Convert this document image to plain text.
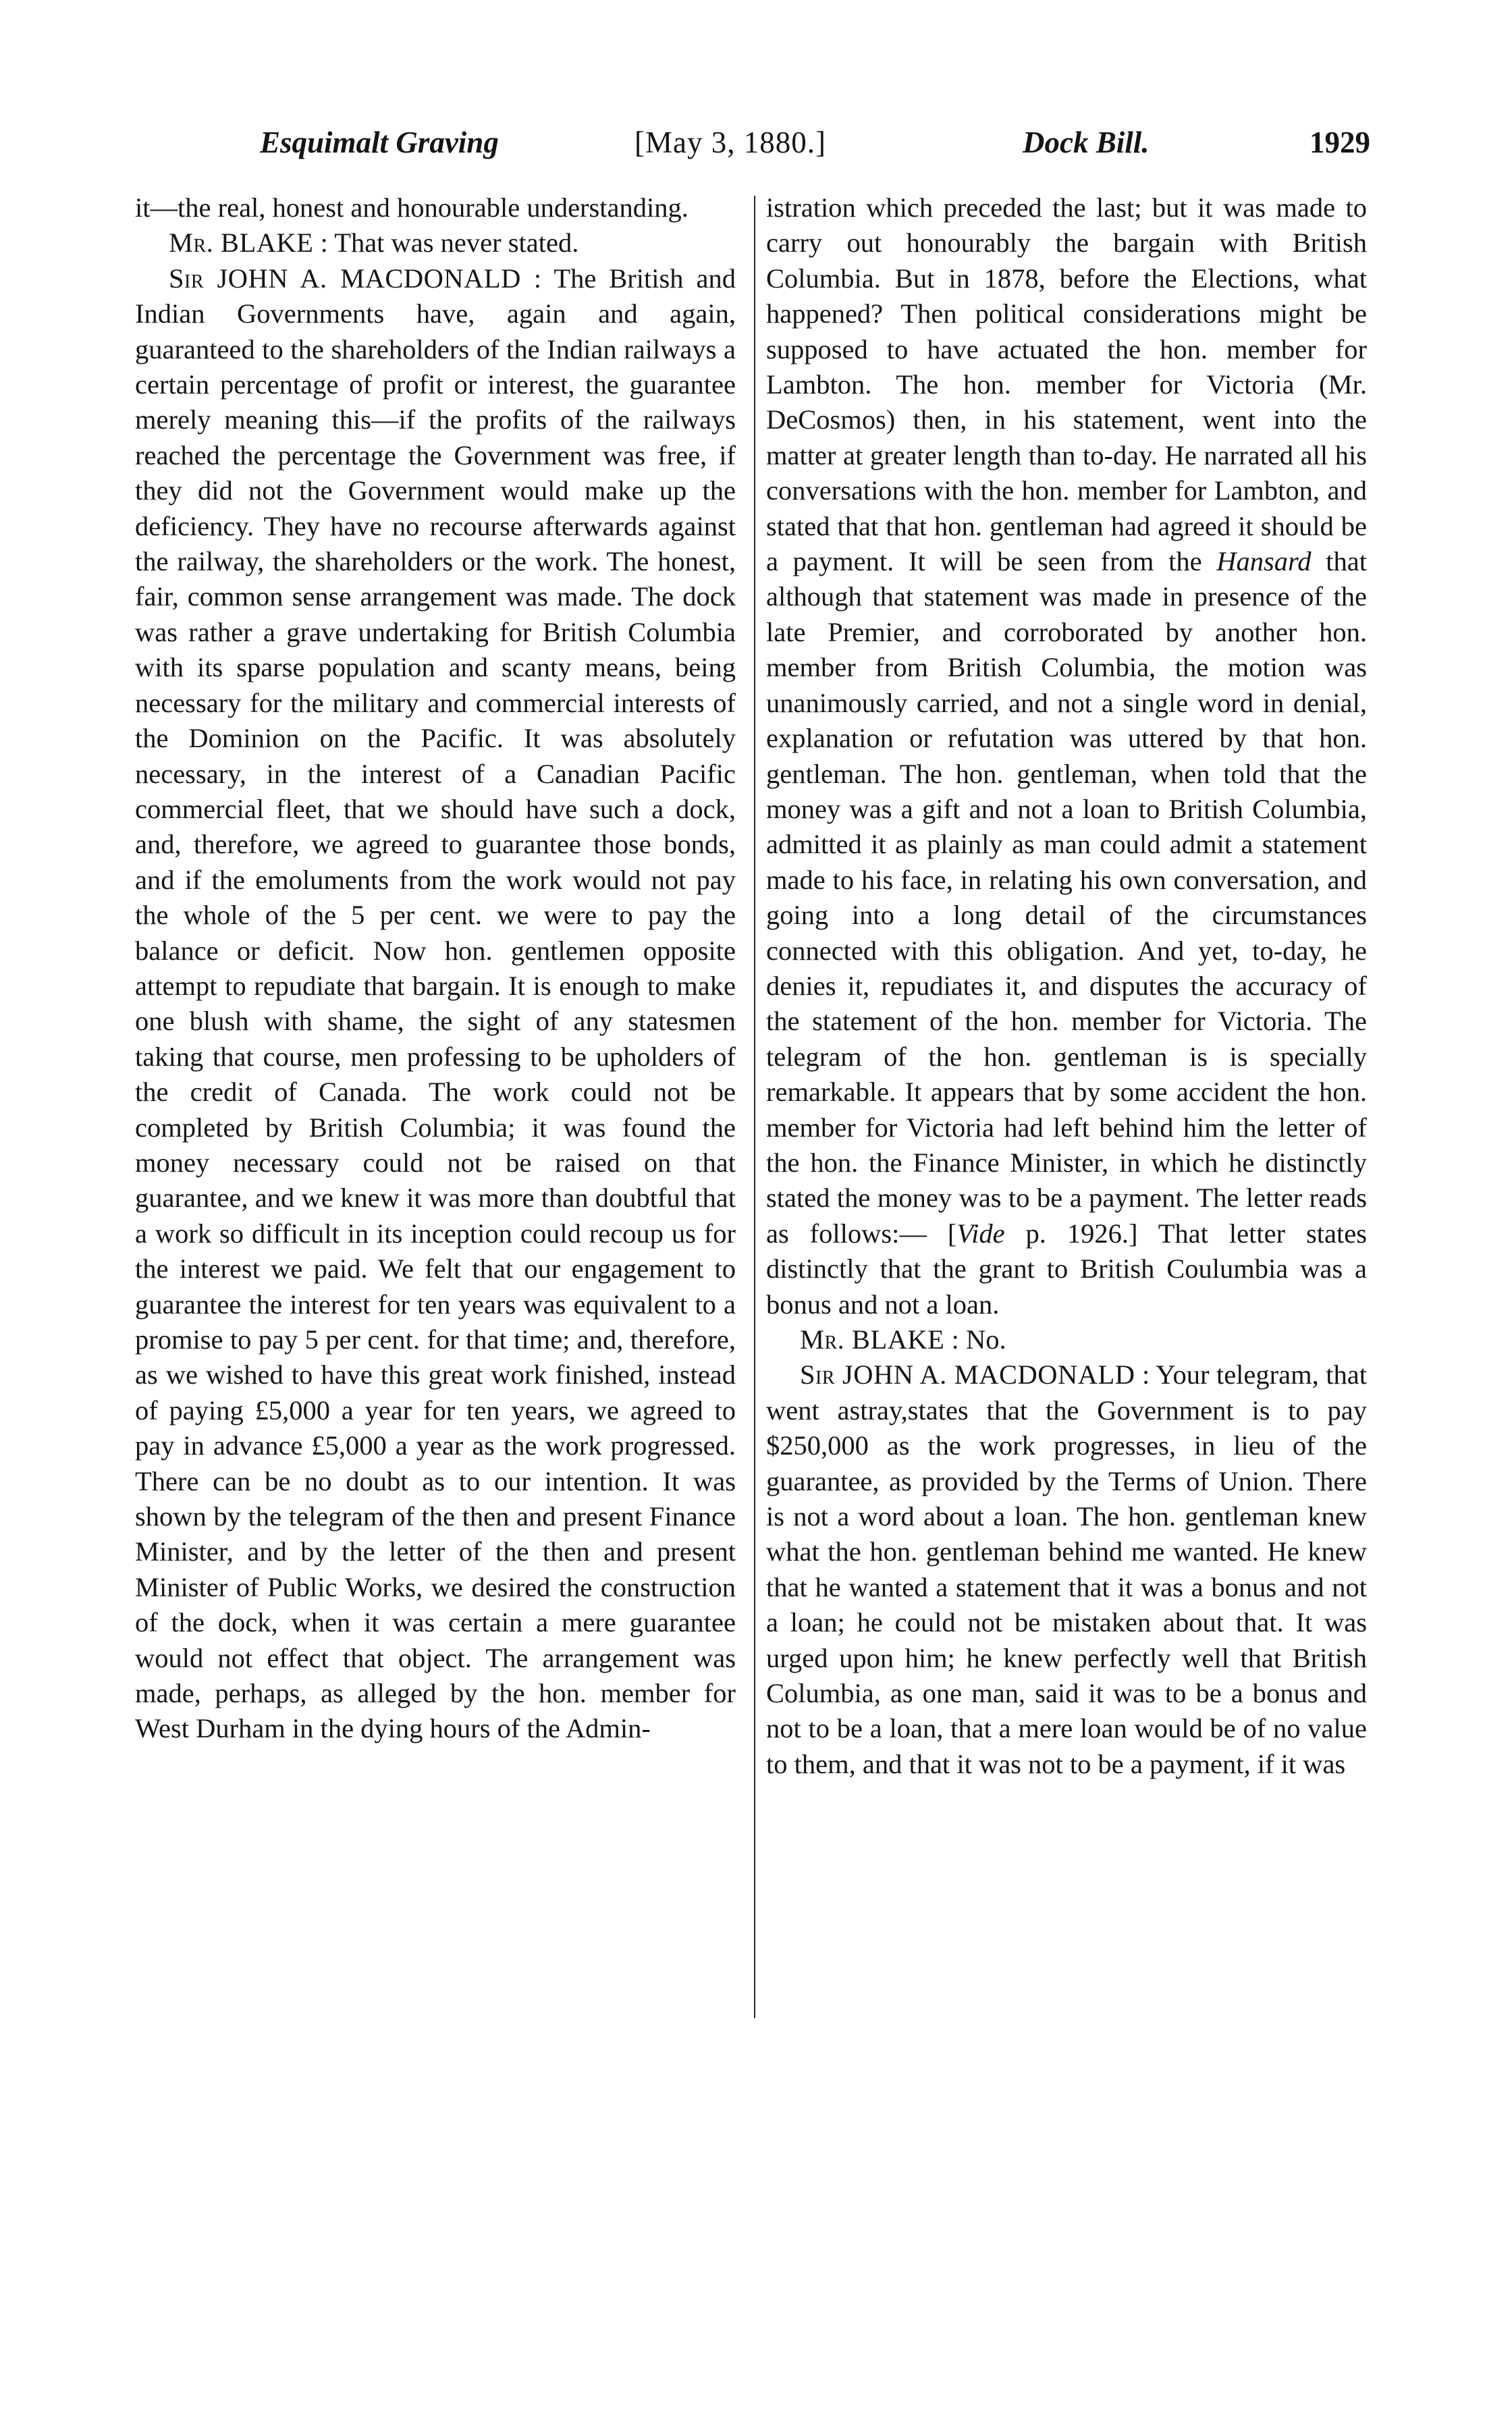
Esquimalt Graving	[May 3, 1880.]	Dock Bill.	1929

it—the real, honest and honourable understanding.

Mr. BLAKE : That was never stated.

Sir JOHN A. MACDONALD : The British and Indian Governments have, again and again, guaranteed to the shareholders of the Indian railways a certain percentage of profit or interest, the guarantee merely meaning this—if the profits of the railways reached the percentage the Government was free, if they did not the Government would make up the deficiency. They have no recourse afterwards against the railway, the shareholders or the work. The honest, fair, common sense arrangement was made. The dock was rather a grave undertaking for British Columbia with its sparse population and scanty means, being necessary for the military and commercial interests of the Dominion on the Pacific. It was absolutely necessary, in the interest of a Canadian Pacific commercial fleet, that we should have such a dock, and, therefore, we agreed to guarantee those bonds, and if the emoluments from the work would not pay the whole of the 5 per cent. we were to pay the balance or deficit. Now hon. gentlemen opposite attempt to repudiate that bargain. It is enough to make one blush with shame, the sight of any statesmen taking that course, men professing to be upholders of the credit of Canada. The work could not be completed by British Columbia; it was found the money necessary could not be raised on that guarantee, and we knew it was more than doubtful that a work so difficult in its inception could recoup us for the interest we paid. We felt that our engagement to guarantee the interest for ten years was equivalent to a promise to pay 5 per cent. for that time; and, therefore, as we wished to have this great work finished, instead of paying £5,000 a year for ten years, we agreed to pay in advance £5,000 a year as the work progressed. There can be no doubt as to our intention. It was shown by the telegram of the then and present Finance Minister, and by the letter of the then and present Minister of Public Works, we desired the construction of the dock, when it was certain a mere guarantee would not effect that object. The arrangement was made, perhaps, as alleged by the hon. member for West Durham in the dying hours of the Admin-

istration which preceded the last; but it was made to carry out honourably the bargain with British Columbia. But in 1878, before the Elections, what happened? Then political considerations might be supposed to have actuated the hon. member for Lambton. The hon. member for Victoria (Mr. DeCosmos) then, in his statement, went into the matter at greater length than to-day. He narrated all his conversations with the hon. member for Lambton, and stated that that hon. gentleman had agreed it should be a payment. It will be seen from the Hansard that although that statement was made in presence of the late Premier, and corroborated by another hon. member from British Columbia, the motion was unanimously carried, and not a single word in denial, explanation or refutation was uttered by that hon. gentleman. The hon. gentleman, when told that the money was a gift and not a loan to British Columbia, admitted it as plainly as man could admit a statement made to his face, in relating his own conversation, and going into a long detail of the circumstances connected with this obligation. And yet, to-day, he denies it, repudiates it, and disputes the accuracy of the statement of the hon. member for Victoria. The telegram of the hon. gentleman is is specially remarkable. It appears that by some accident the hon. member for Victoria had left behind him the letter of the hon. the Finance Minister, in which he distinctly stated the money was to be a payment. The letter reads as follows:— [Vide p. 1926.] That letter states distinctly that the grant to British Coulumbia was a bonus and not a loan.

Mr. BLAKE : No.

Sir JOHN A. MACDONALD : Your telegram, that went astray,states that the Government is to pay $250,000 as the work progresses, in lieu of the guarantee, as provided by the Terms of Union. There is not a word about a loan. The hon. gentleman knew what the hon. gentleman behind me wanted. He knew that he wanted a statement that it was a bonus and not a loan; he could not be mistaken about that. It was urged upon him; he knew perfectly well that British Columbia, as one man, said it was to be a bonus and not to be a loan, that a mere loan would be of no value to them, and that it was not to be a payment, if it was
